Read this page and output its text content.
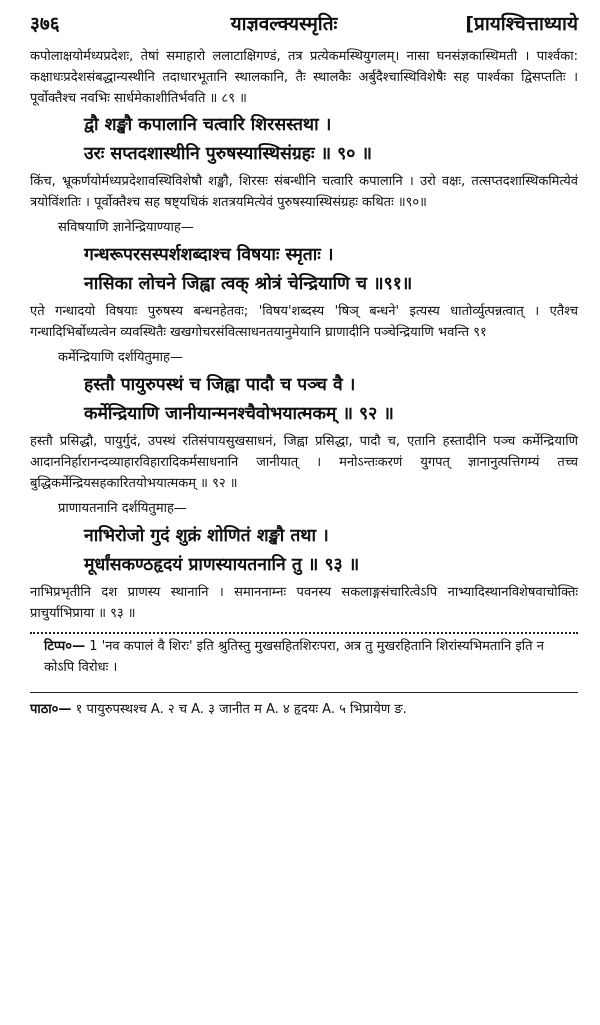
३७६	याज्ञवल्क्यस्मृतिः	[प्रायश्चित्ताध्याये

कपोलाक्षयोर्मध्यप्रदेशः, तेषां समाहारो ललाटाक्षिगण्डं, तत्र प्रत्येकमस्थियुगलम्। नासा घनसंज्ञकास्थिमती । पार्श्वका: कक्षाधःप्रदेशसंबद्धान्यस्थीनि तदाधारभूतानि स्थालकानि, तैः स्थालकैः अर्बुदैश्चास्थिविशेषैः सह पार्श्वका द्विसप्ततिः । पूर्वोक्तैश्च नवभिः सार्धमेकाशीतिर्भवति ॥ ८९ ॥

द्वौ शङ्खौ कपालानि चत्वारि शिरसस्तथा ।
उरः सप्तदशास्थीनि पुरुषस्यास्थिसंग्रहः ॥ ९० ॥

किंच, भ्रूकर्णयोर्मध्यप्रदेशावस्थिविशेषौ शङ्खौ, शिरसः संबन्धीनि चत्वारि कपालानि । उरो वक्षः, तत्सप्तदशास्थिकमित्येवं त्रयोविंशतिः । पूर्वोक्तैश्च सह षष्ट्यधिकं शतत्रयमित्येवं पुरुषस्यास्थिसंग्रहः कथितः ॥९०॥

सविषयाणि ज्ञानेन्द्रियाण्याह—
गन्धरूपरसस्पर्शशब्दाश्च विषयाः स्मृताः ।
नासिका लोचने जिह्वा त्वक् श्रोत्रं चेन्द्रियाणि च ॥९१॥

एते गन्धादयो विषयाः पुरुषस्य बन्धनहेतवः; 'विषय'शब्दस्य 'षिञ् बन्धने' इत्यस्य धातोर्व्युत्पन्नत्वात् । एतैश्च गन्धादिभिर्बोध्यत्वेन व्यवस्थितैः खखगोचरसंवित्साधनतयानुमेयानि घ्राणादीनि पञ्चेन्द्रियाणि भवन्ति ९१

कर्मेन्द्रियाणि दर्शयितुमाह—
हस्तौ पायुरुपस्थं च जिह्वा पादौ च पञ्च वै ।
कर्मेन्द्रियाणि जानीयान्मनश्चैवोभयात्मकम् ॥ ९२ ॥

हस्तौ प्रसिद्धौ, पायुर्गुदं, उपस्थं रतिसंपायसुखसाधनं, जिह्वा प्रसिद्धा, पादौ च, एतानि हस्तादीनि पञ्च कर्मेन्द्रियाणि आदाननिर्हारानन्दव्याहारविहारादिकर्मसाधनानि जानीयात् । मनोऽन्तःकरणं युगपत् ज्ञानानुत्पत्तिगम्यं तच्च बुद्धिकर्मेन्द्रियसहकारितयोभयात्मकम् ॥ ९२ ॥

प्राणायतनानि दर्शयितुमाह—
नाभिरोजो गुदं शुक्रं शोणितं शङ्खौ तथा ।
मूर्धांसकण्ठहृदयं प्राणस्यायतनानि तु ॥ ९३ ॥

नाभिप्रभृतीनि दश प्राणस्य स्थानानि । समाननाम्नः पवनस्य सकलाङ्गसंचारित्वेऽपि नाभ्यादिस्थानविशेषवाचोक्तिः प्राचुर्याभिप्राया ॥ ९३ ॥

टिप्प०— 1 'नव कपालं वै शिरः' इति श्रुतिस्तु मुखसहितशिरःपरा, अत्र तु मुखरहितानि शिरांस्यभिमतानि इति न कोऽपि विरोधः ।

पाठा०— १ पायुरुपस्थश्च A. २ च A. ३ जानीत म A. ४ हृदयः A. ५ भिप्रायेण ङ.
